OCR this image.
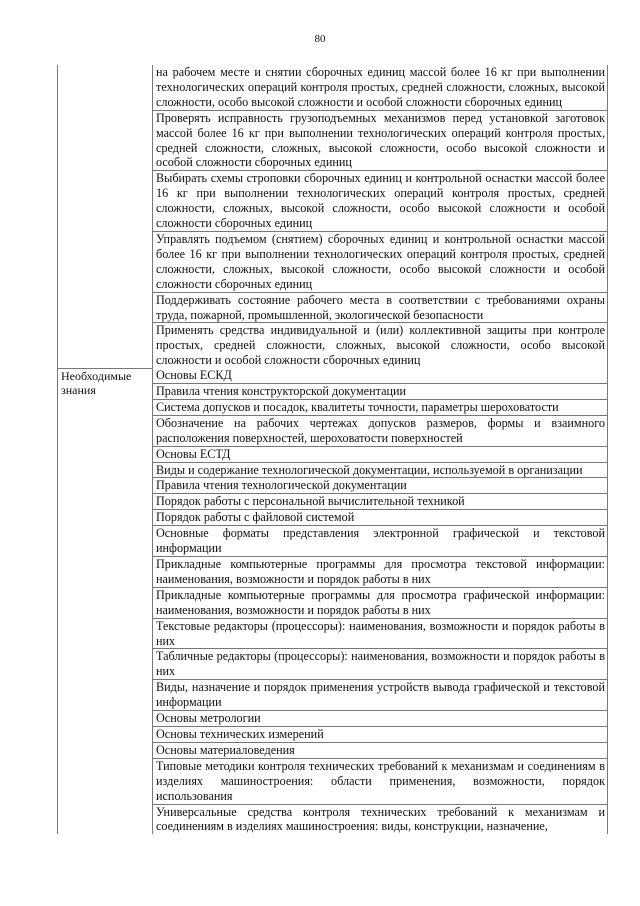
80
	на рабочем месте и снятии сборочных единиц массой более 16 кг при выполнении технологических операций контроля простых, средней сложности, сложных, высокой сложности, особо высокой сложности и особой сложности сборочных единиц
	Проверять исправность грузоподъемных механизмов перед установкой заготовок массой более 16 кг при выполнении технологических операций контроля простых, средней сложности, сложных, высокой сложности, особо высокой сложности и особой сложности сборочных единиц
	Выбирать схемы строповки сборочных единиц и контрольной оснастки массой более 16 кг при выполнении технологических операций контроля простых, средней сложности, сложных, высокой сложности, особо высокой сложности и особой сложности сборочных единиц
	Управлять подъемом (снятием) сборочных единиц и контрольной оснастки массой более 16 кг при выполнении технологических операций контроля простых, средней сложности, сложных, высокой сложности, особо высокой сложности и особой сложности сборочных единиц
	Поддерживать состояние рабочего места в соответствии с требованиями охраны труда, пожарной, промышленной, экологической безопасности
	Применять средства индивидуальной и (или) коллективной защиты при контроле простых, средней сложности, сложных, высокой сложности, особо высокой сложности и особой сложности сборочных единиц
Необходимые знания	Основы ЕСКД
	Правила чтения конструкторской документации
	Система допусков и посадок, квалитеты точности, параметры шероховатости
	Обозначение на рабочих чертежах допусков размеров, формы и взаимного расположения поверхностей, шероховатости поверхностей
	Основы ЕСТД
	Виды и содержание технологической документации, используемой в организации
	Правила чтения технологической документации
	Порядок работы с персональной вычислительной техникой
	Порядок работы с файловой системой
	Основные форматы представления электронной графической и текстовой информации
	Прикладные компьютерные программы для просмотра текстовой информации: наименования, возможности и порядок работы в них
	Прикладные компьютерные программы для просмотра графической информации: наименования, возможности и порядок работы в них
	Текстовые редакторы (процессоры): наименования, возможности и порядок работы в них
	Табличные редакторы (процессоры): наименования, возможности и порядок работы в них
	Виды, назначение и порядок применения устройств вывода графической и текстовой информации
	Основы метрологии
	Основы технических измерений
	Основы материаловедения
	Типовые методики контроля технических требований к механизмам и соединениям в изделиях машиностроения: области применения, возможности, порядок использования
	Универсальные средства контроля технических требований к механизмам и соединениям в изделиях машиностроения: виды, конструкции, назначение,
